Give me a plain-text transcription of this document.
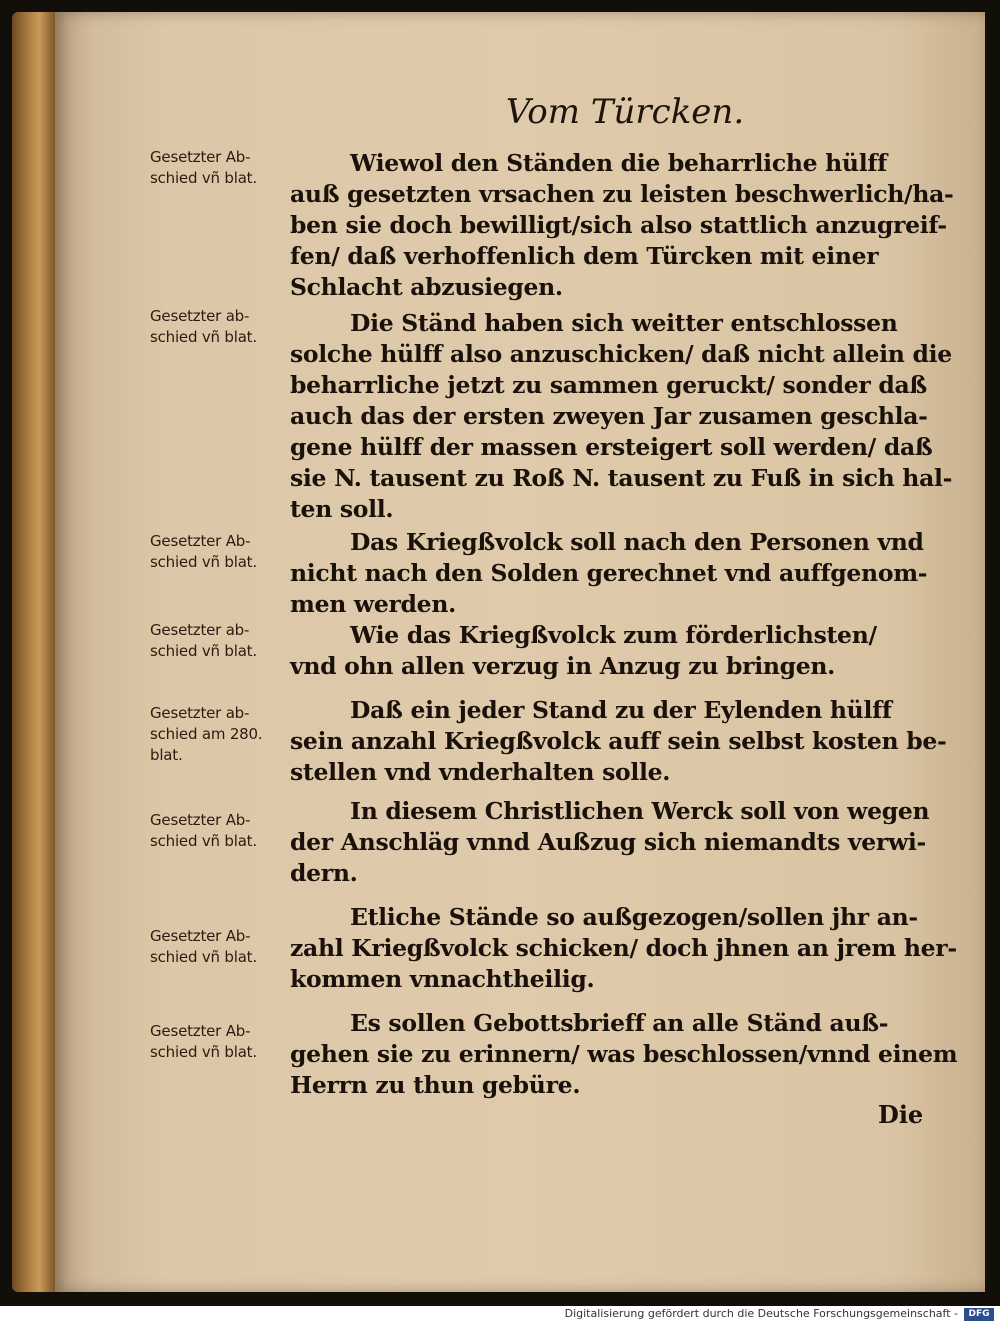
Vom Türcken.
Gesetzter Ab-
schied vñ blat.
Wiewol den Ständen die beharrliche hülff
auß gesetzten vrsachen zu leisten beschwerlich/ha-
ben sie doch bewilligt/sich also stattlich anzugreif-
fen/ daß verhoffenlich dem Türcken mit einer
Schlacht abzusiegen.
Gesetzter ab-
schied vñ blat.	Die Ständ haben sich weitter entschlossen
solche hülff also anzuschicken/ daß nicht allein die
beharrliche jetzt zu sammen geruckt/ sonder daß
auch das der ersten zweyen Jar zusamen geschla-
gene hülff der massen ersteigert soll werden/ daß
sie N. tausent zu Roß N. tausent zu Fuß in sich hal-
ten soll.
Gesetzter Ab-
schied vñ blat.
Das Kriegßvolck soll nach den Personen vnd
nicht nach den Solden gerechnet vnd auffgenom-
men werden.
Gesetzter ab-
schied vñ blat.
Wie das Kriegßvolck zum förderlichsten/
vnd ohn allen verzug in Anzug zu bringen.
Gesetzter ab-
schied am 280.
blat.
Daß ein jeder Stand zu der Eylenden hülff
sein anzahl Kriegßvolck auff sein selbst kosten be-
stellen vnd vnderhalten solle.
Gesetzter Ab-
schied vñ blat.
In diesem Christlichen Werck soll von wegen
der Anschläg vnnd Außzug sich niemandts verwi-
dern.
Gesetzter Ab-
schied vñ blat.
Etliche Stände so außgezogen/sollen jhr an-
zahl Kriegßvolck schicken/ doch jhnen an jrem her-
kommen vnnachtheilig.
Gesetzter Ab-
schied vñ blat.
Es sollen Gebottsbrieff an alle Ständ auß-
gehen sie zu erinnern/ was beschlossen/vnnd einem
Herrn zu thun gebüre.
Die
Digitalisierung gefördert durch die Deutsche Forschungsgemeinschaft -	DFG
